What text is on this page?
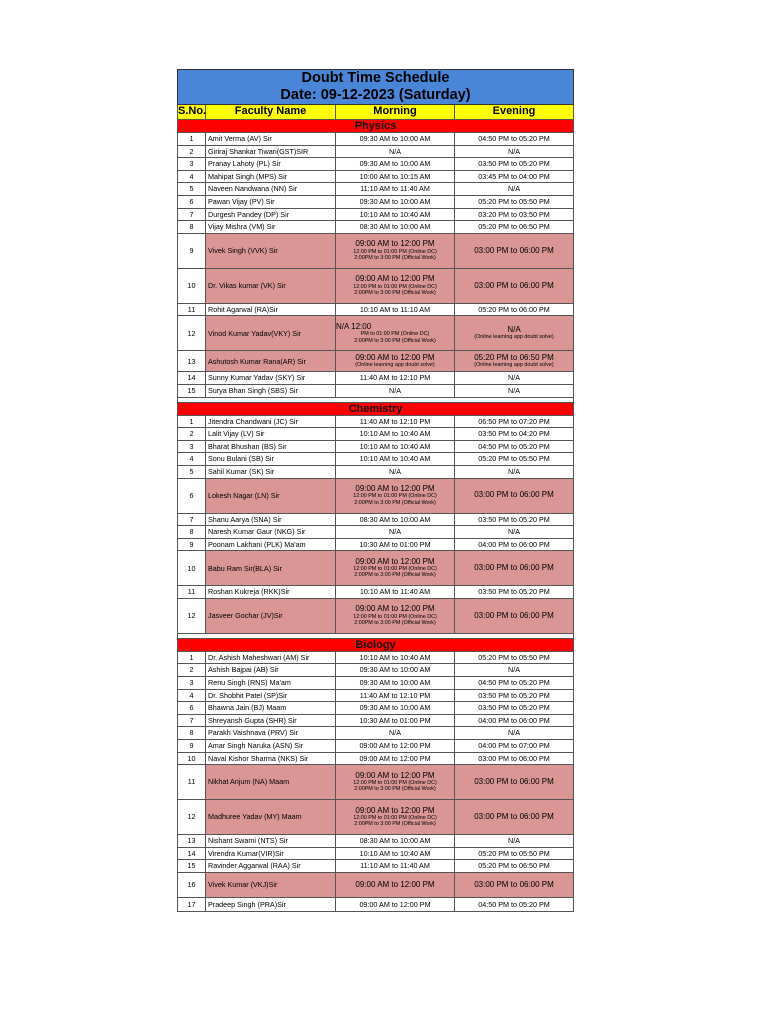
Doubt Time Schedule
Date: 09-12-2023 (Saturday)			

S.No.	Faculty Name	Morning	Evening
Physics			
1	Amit Verma (AV) Sir	09:30 AM to 10:00 AM	04:50 PM to 05:20 PM
2	Giriraj Shankar Tiwari(GST)SIR	N/A	N/A
3	Pranay Lahoty (PL) Sir	09:30 AM to 10:00 AM	03:50 PM to 05:20 PM
4	Mahipat Singh (MPS) Sir	10:00 AM to 10:15 AM	03:45 PM to 04:00 PM
5	Naveen Nandwana (NN) Sir	11:10 AM to 11:40 AM	N/A
6	Pawan Vijay (PV) Sir	09:30 AM to 10:00 AM	05:20 PM to 05:50 PM
7	Durgesh Pandey (DP) Sir	10:10 AM to 10:40 AM	03:20 PM to 03:50 PM
8	Vijay Mishra (VM) Sir	08:30 AM to 10:00 AM	05:20 PM to 06:50 PM
9	Vivek Singh (VVK) Sir	09:00 AM to 12:00 PM
12:00 PM to 01:00 PM (Online DC)
2:00PM to 3:00 PM (Official Work)	03:00 PM to 06:00 PM

10	Dr. Vikas kumar (VK) Sir	09:00 AM to 12:00 PM
12:00 PM to 01:00 PM (Online DC)
2:00PM to 3:00 PM (Official Work)	03:00 PM to 06:00 PM

11	Rohit Agarwal (RA)Sir	10:10 AM to 11:10 AM	05:20 PM to 06:00 PM
12	Vinod Kumar Yadav(VKY) Sir	N/A 12:00
PM to 01:00 PM (Online DC)
2:00PM to 3:00 PM (Official Work)	N/A
(Online learning app doubt solve)

13	Ashutosh Kumar Rana(AR) Sir	09:00 AM to 12:00 PM
(Online learning app doubt solve)	05:20 PM to 06:50 PM
(Online learning app doubt solve)

14	Sunny Kumar Yadav (SKY) Sir	11:40 AM to 12:10 PM	N/A
15	Surya Bhan Singh (SBS) Sir	N/A	N/A

Chemistry			
1	Jitendra Chandwani (JC) Sir	11:40 AM to 12:10 PM	06:50 PM to 07:20 PM
2	Lalit Vijay (LV) Sir	10:10 AM to 10:40 AM	03:50 PM to 04:20 PM
3	Bharat Bhushan (BS) Sir	10:10 AM to 10:40 AM	04:50 PM to 05:20 PM
4	Sonu Bulani (SB) Sir	10:10 AM to 10:40 AM	05:20 PM to 05:50 PM
5	Sahil Kumar (SK) Sir	N/A	N/A
6	Lokesh Nagar (LN) Sir	09:00 AM to 12:00 PM
12:00 PM to 01:00 PM (Online DC)
2:00PM to 3:00 PM (Official Work)	03:00 PM to 06:00 PM

7	Shanu Aarya (SNA) Sir	08:30 AM to 10:00 AM	03:50 PM to 05:20 PM
8	Naresh Kumar Gaur (NKG) Sir	N/A	N/A
9	Poonam Lakhani (PLK) Ma'am	10:30 AM to 01:00 PM	04:00 PM to 06:00 PM
10	Babu Ram Sir(BLA) Sir	09:00 AM to 12:00 PM
12:00 PM to 01:00 PM (Online DC)
2:00PM to 3:00 PM (Official Work)	03:00 PM to 06:00 PM

11	Roshan Kukreja (RKK)Sir	10:10 AM to 11:40 AM	03:50 PM to 05:20 PM
12	Jasveer Gochar (JV)Sir	09:00 AM to 12:00 PM
12:00 PM to 01:00 PM (Online DC)
2:00PM to 3:00 PM (Official Work)	03:00 PM to 06:00 PM

Biology			
1	Dr. Ashish Maheshwari (AM) Sir	10:10 AM to 10:40 AM	05:20 PM to 05:50 PM
2	Ashish Bajpai (AB) Sir	09:30 AM to 10:00 AM	N/A
3	Renu Singh (RNS) Ma'am	09:30 AM to 10:00 AM	04:50 PM to 05:20 PM
4	Dr. Shobhit Patel (SP)Sir	11:40 AM to 12:10 PM	03:50 PM to 05:20 PM
6	Bhawna Jain (BJ) Maam	09:30 AM to 10:00 AM	03:50 PM to 05:20 PM
7	Shreyansh Gupta (SHR) Sir	10:30 AM to 01:00 PM	04:00 PM to 06:00 PM
8	Parakh Vaishnava (PRV) Sir	N/A	N/A
9	Amar Singh Naruka (ASN) Sir	09:00 AM to 12:00 PM	04:00 PM to 07:00 PM
10	Naval Kishor Sharma (NKS) Sir	09:00 AM to 12:00 PM	03:00 PM to 06:00 PM
11	Nikhat Anjum (NA) Maam	09:00 AM to 12:00 PM
12:00 PM to 01:00 PM (Online DC)
2:00PM to 3:00 PM (Official Work)	03:00 PM to 06:00 PM

12	Madhuree Yadav (MY) Maam	09:00 AM to 12:00 PM
12:00 PM to 01:00 PM (Online DC)
2:00PM to 3:00 PM (Official Work)	03:00 PM to 06:00 PM

13	Nishant Swami (NTS) Sir	08:30 AM to 10:00 AM	N/A
14	Virendra Kumar(VIR)Sir	10:10 AM to 10:40 AM	05:20 PM to 05:50 PM
15	Ravinder Aggarwal (RAA) Sir	11:10 AM to 11:40 AM	05:20 PM to 06:50 PM
16	Vivek Kumar (VKJ)Sir	09:00 AM to 12:00 PM	03:00 PM to 06:00 PM
17	Pradeep Singh (PRA)Sir	09:00 AM to 12:00 PM	04:50 PM to 05:20 PM
